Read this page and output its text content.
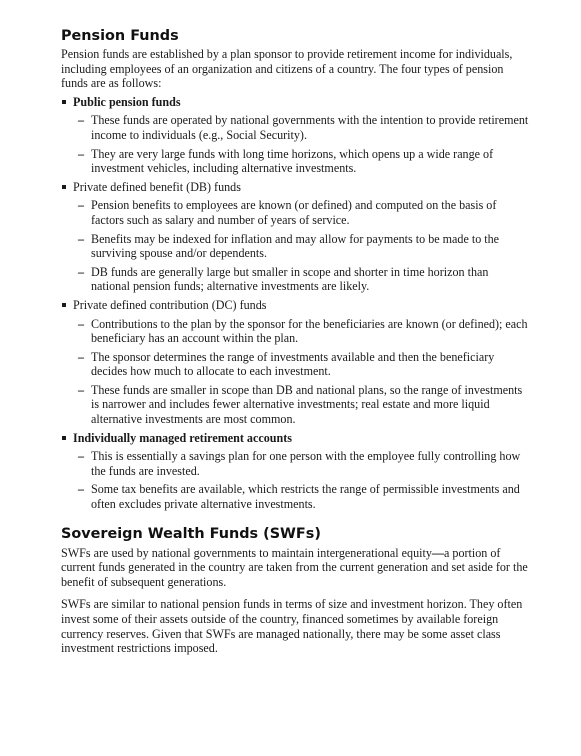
Pension Funds

Pension funds are established by a plan sponsor to provide retirement income for individuals, including employees of an organization and citizens of a country. The four types of pension funds are as follows:

Public pension funds
– These funds are operated by national governments with the intention to provide retirement income to individuals (e.g., Social Security).
– They are very large funds with long time horizons, which opens up a wide range of investment vehicles, including alternative investments.
Private defined benefit (DB) funds
– Pension benefits to employees are known (or defined) and computed on the basis of factors such as salary and number of years of service.
– Benefits may be indexed for inflation and may allow for payments to be made to the surviving spouse and/or dependents.
– DB funds are generally large but smaller in scope and shorter in time horizon than national pension funds; alternative investments are likely.
Private defined contribution (DC) funds
– Contributions to the plan by the sponsor for the beneficiaries are known (or defined); each beneficiary has an account within the plan.
– The sponsor determines the range of investments available and then the beneficiary decides how much to allocate to each investment.
– These funds are smaller in scope than DB and national plans, so the range of investments is narrower and includes fewer alternative investments; real estate and more liquid alternative investments are most common.
Individually managed retirement accounts
– This is essentially a savings plan for one person with the employee fully controlling how the funds are invested.
– Some tax benefits are available, which restricts the range of permissible investments and often excludes private alternative investments.
Sovereign Wealth Funds (SWFs)

SWFs are used by national governments to maintain intergenerational equity—a portion of current funds generated in the country are taken from the current generation and set aside for the benefit of subsequent generations.

SWFs are similar to national pension funds in terms of size and investment horizon. They often invest some of their assets outside of the country, financed sometimes by available foreign currency reserves. Given that SWFs are managed nationally, there may be some asset class investment restrictions imposed.
